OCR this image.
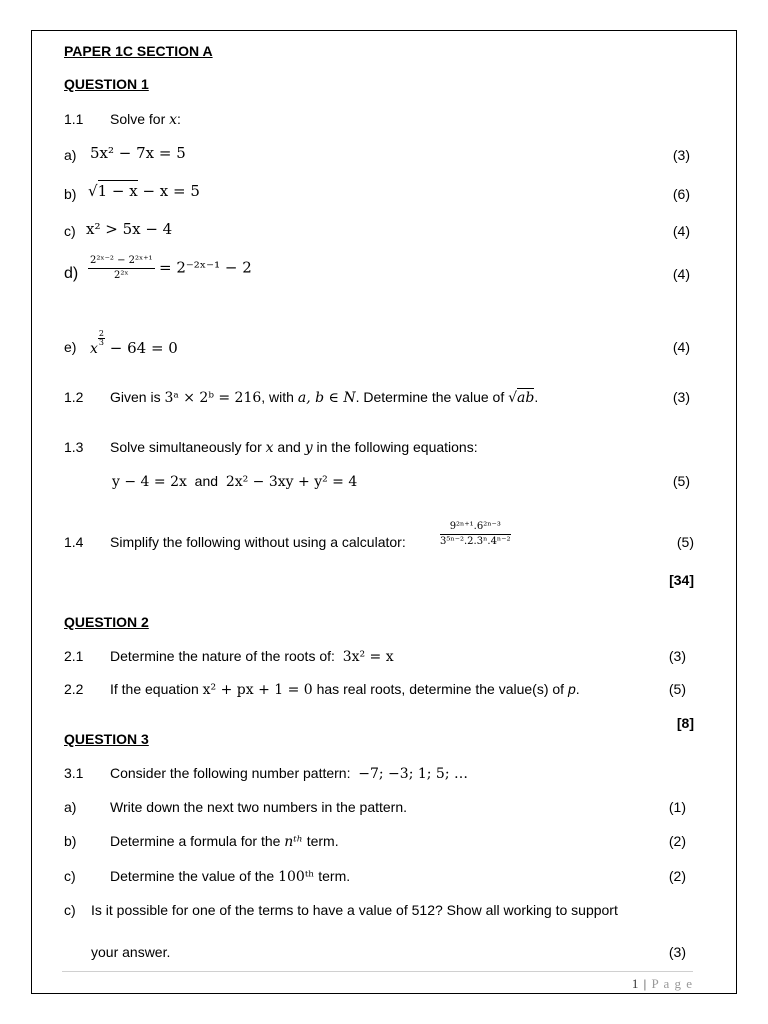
PAPER 1C SECTION A
QUESTION 1
1.1 Solve for x:
a) 5x² − 7x = 5	(3)
b) √1 − x − x = 5	(6)
c) x² > 5x − 4	(4)
$d) \frac{\text{2²ˣ⁻² − 2²ˣ⁺¹}}{\text{2²ˣ}}$ = 2⁻²ˣ⁻¹ − 2	(4)
e) x
$\frac{2}{3}$
− 64 = 0	(4)
1.2 Given is 3ᵃ × 2ᵇ = 216, with a, b ∈ N. Determine the value of √ab.	(3)
1.3 Solve simultaneously for x and y in the following equations:
y − 4 = 2x and 2x² − 3xy + y² = 4	(5)
1.4 Simplify the following without using a calculator:	$\frac{\text{9²ⁿ⁺¹.6²ⁿ⁻³}}{\text{3⁵ⁿ⁻².2.3ⁿ.4ⁿ⁻²}}$	(5)
[34]
QUESTION 2
2.1 Determine the nature of the roots of: 3x² = x	(3)
2.2 If the equation x² + px + 1 = 0 has real roots, determine the value(s) of p.	(5)
[8]
QUESTION 3
3.1 Consider the following number pattern: −7; −3; 1; 5; …
a) Write down the next two numbers in the pattern.	(1)
b) Determine a formula for the nᵗʰ term.	(2)
c) Determine the value of the 100ᵗʰ term.	(2)
c) Is it possible for one of the terms to have a value of 512? Show all working to support
your answer.	(3)
1 | P a g e
